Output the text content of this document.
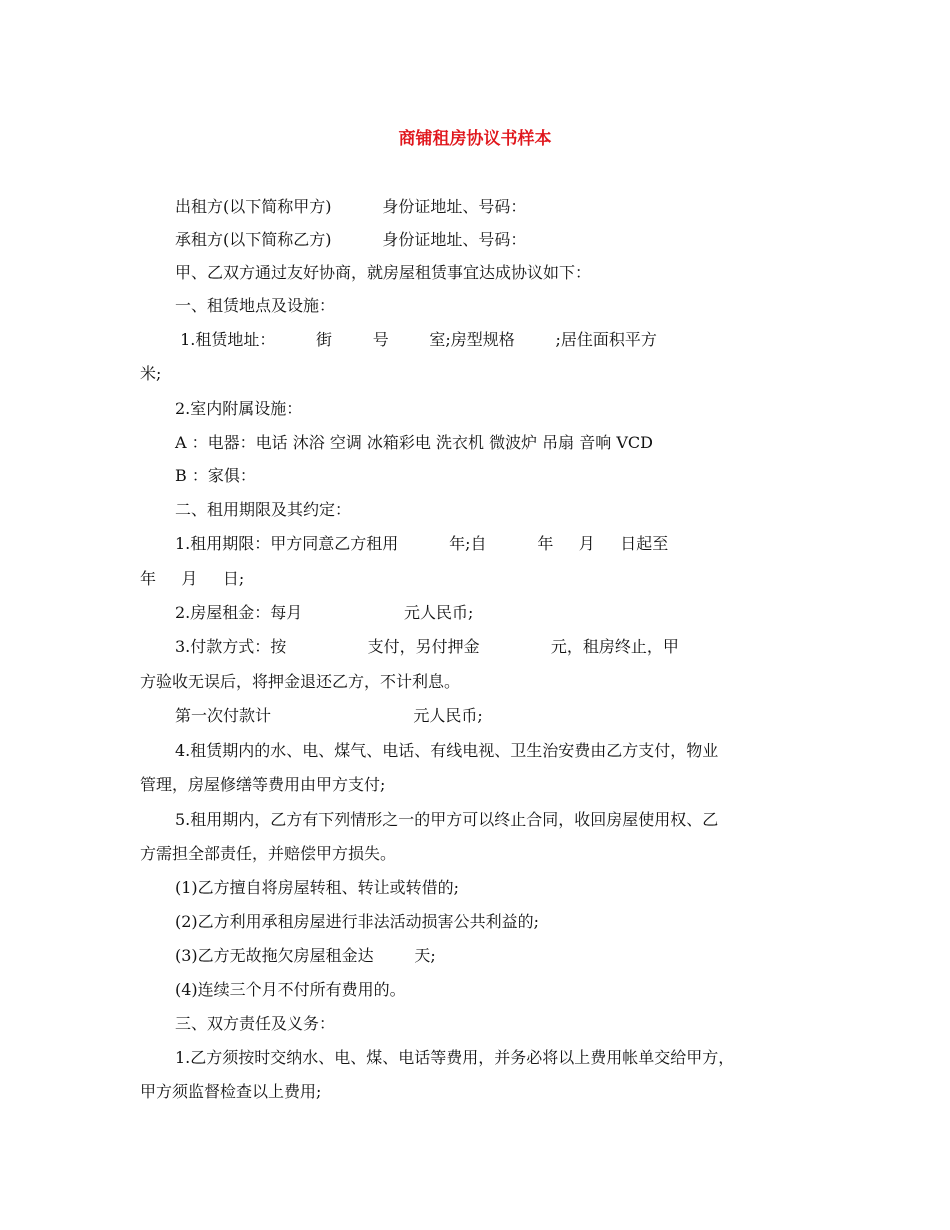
商铺租房协议书样本
出租方(以下简称甲方)          身份证地址、号码：
承租方(以下简称乙方)          身份证地址、号码：
甲、乙双方通过友好协商，就房屋租赁事宜达成协议如下：
一、租赁地点及设施：
1.租赁地址：        街        号        室;房型规格        ;居住面积平方
米;
2.室内附属设施：
A ：电器：电话 沐浴 空调 冰箱彩电 洗衣机 微波炉 吊扇 音响 VCD
B ：家俱：
二、租用期限及其约定：
1.租用期限：甲方同意乙方租用          年;自          年     月     日起至
年     月     日;
2.房屋租金：每月                    元人民币;
3.付款方式：按                支付，另付押金              元，租房终止，甲
方验收无误后，将押金退还乙方，不计利息。
第一次付款计                            元人民币;
4.租赁期内的水、电、煤气、电话、有线电视、卫生治安费由乙方支付，物业
管理，房屋修缮等费用由甲方支付;
5.租用期内，乙方有下列情形之一的甲方可以终止合同，收回房屋使用权、乙
方需担全部责任，并赔偿甲方损失。
(1)乙方擅自将房屋转租、转让或转借的;
(2)乙方利用承租房屋进行非法活动损害公共利益的;
(3)乙方无故拖欠房屋租金达        天;
(4)连续三个月不付所有费用的。
三、双方责任及义务：
1.乙方须按时交纳水、电、煤、电话等费用，并务必将以上费用帐单交给甲方，
甲方须监督检查以上费用;
